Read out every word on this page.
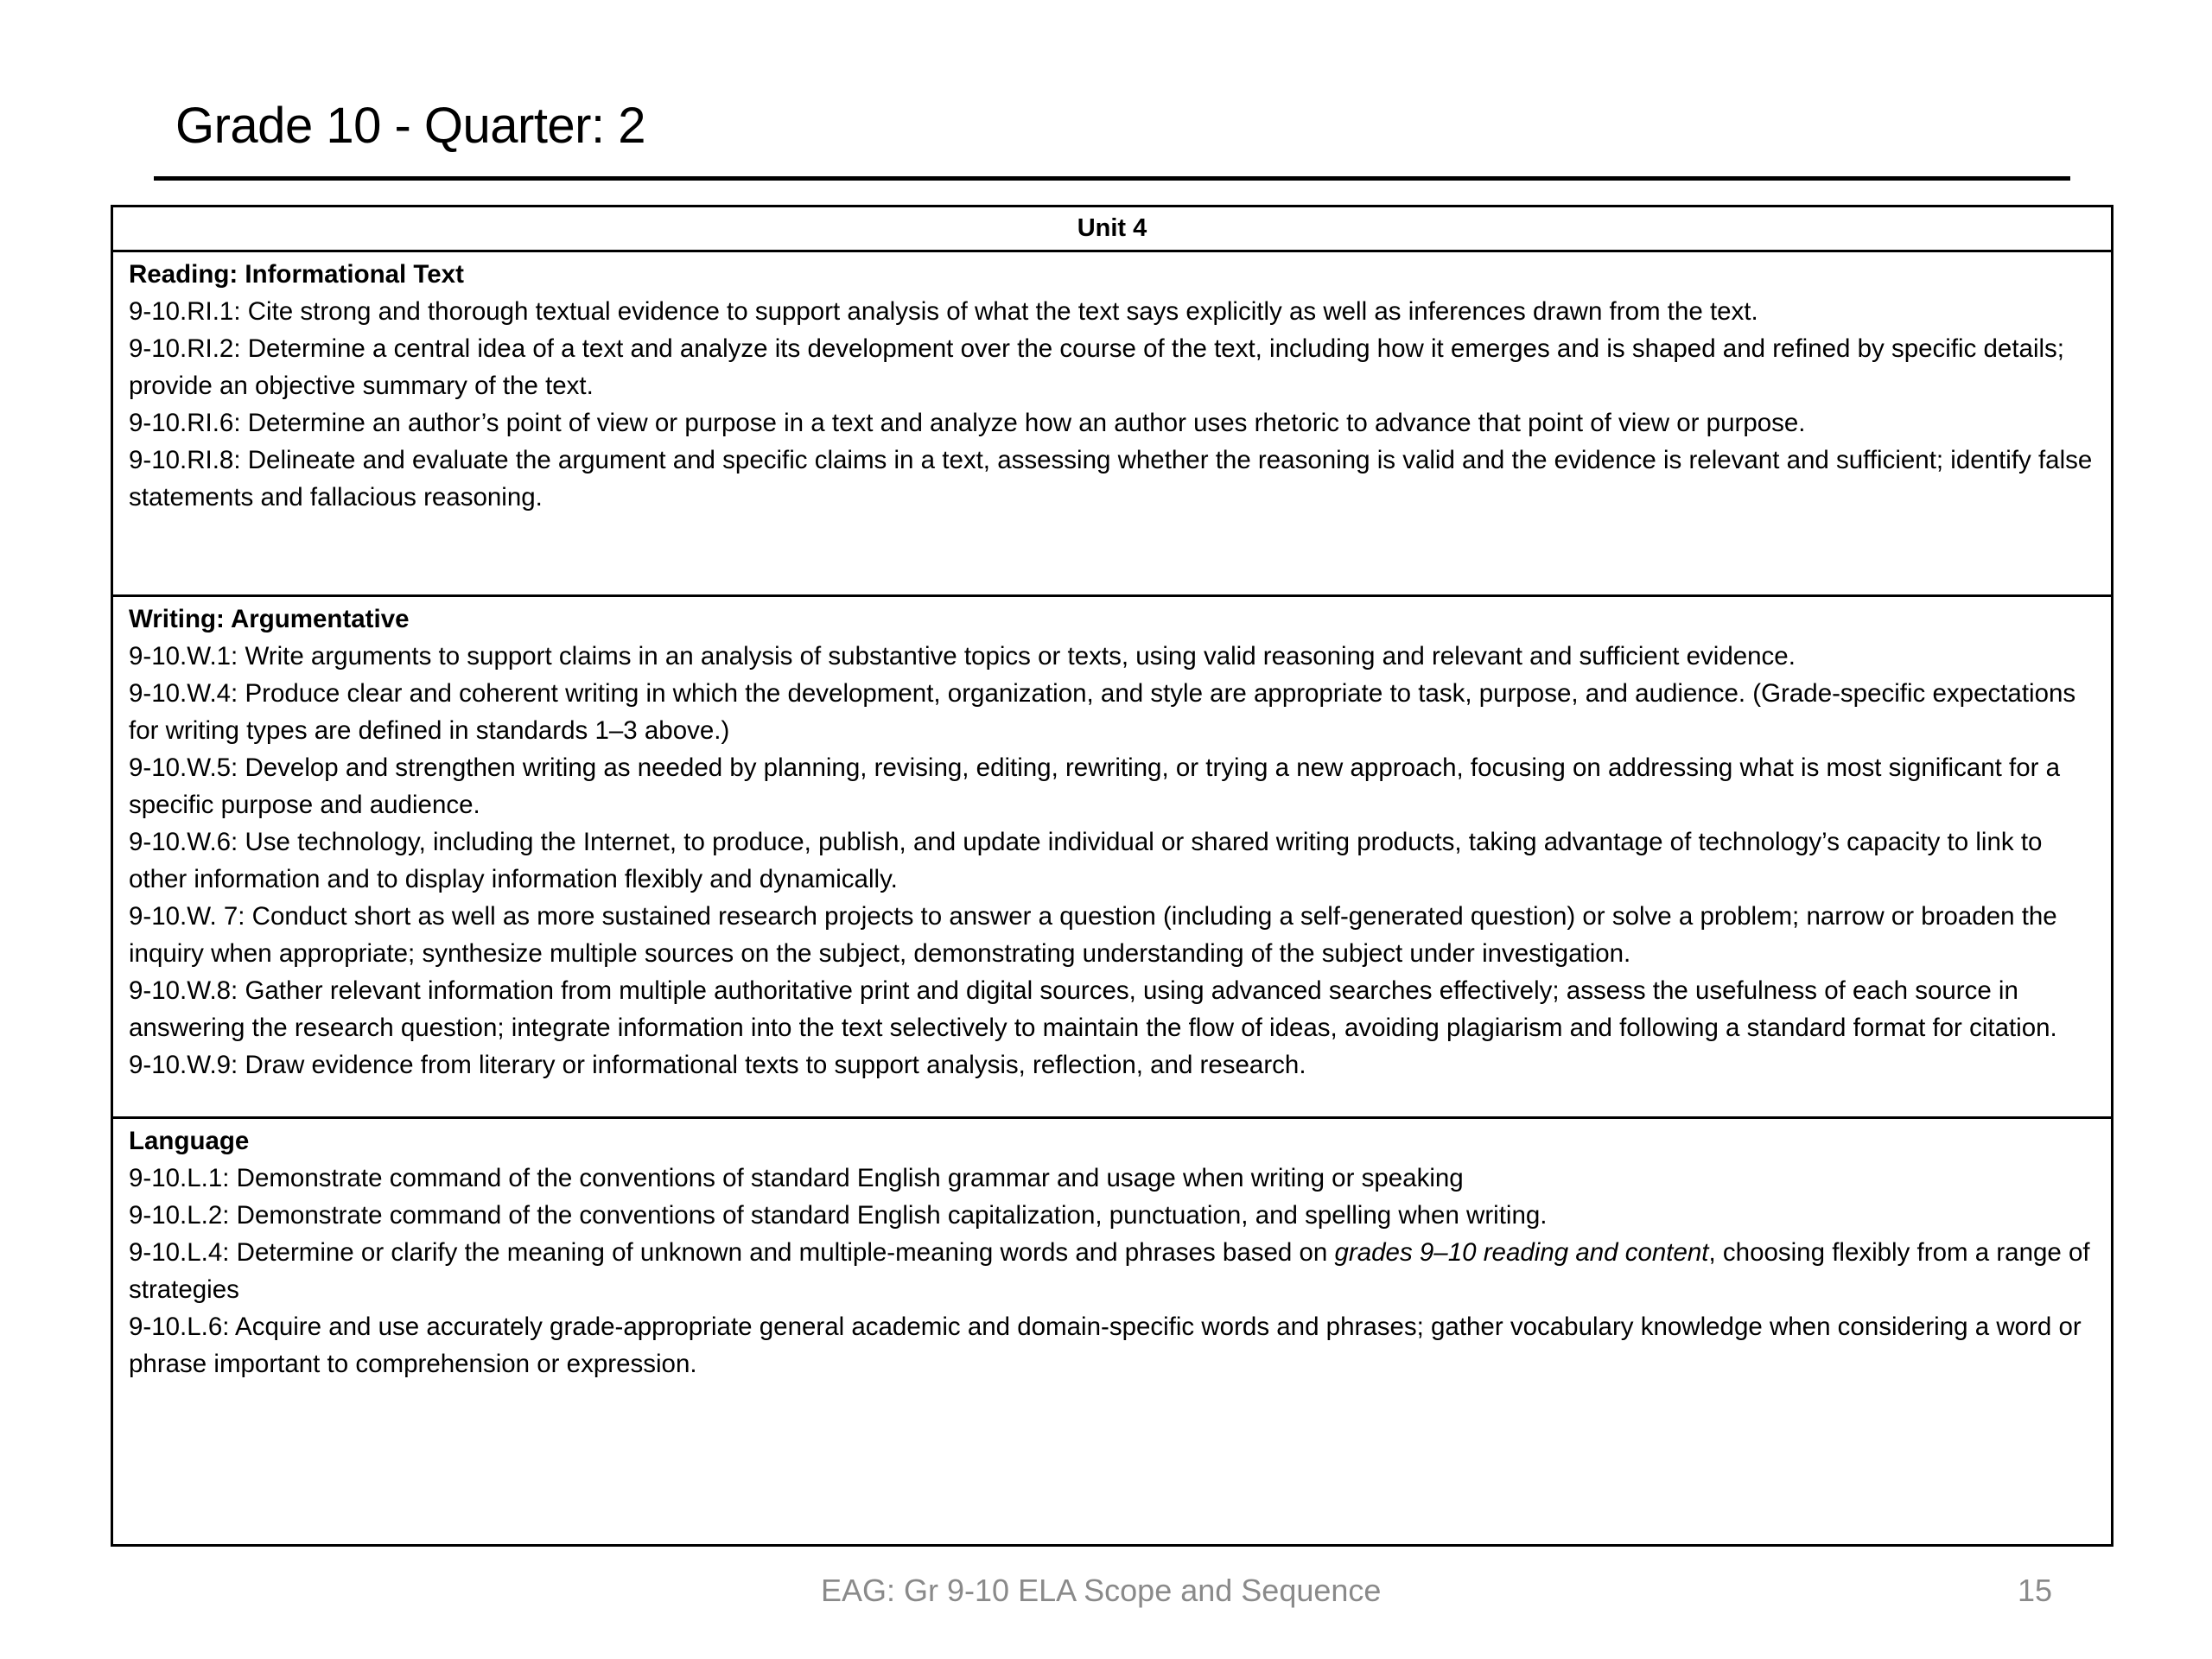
Grade 10 - Quarter: 2
Unit 4

Reading: Informational Text

9-10.RI.1: Cite strong and thorough textual evidence to support analysis of what the text says explicitly as well as inferences drawn from the text.

9-10.RI.2: Determine a central idea of a text and analyze its development over the course of the text, including how it emerges and is shaped and refined by specific details; provide an objective summary of the text.

9-10.RI.6: Determine an author’s point of view or purpose in a text and analyze how an author uses rhetoric to advance that point of view or purpose.

9-10.RI.8: Delineate and evaluate the argument and specific claims in a text, assessing whether the reasoning is valid and the evidence is relevant and sufficient; identify false statements and fallacious reasoning.

Writing: Argumentative

9-10.W.1: Write arguments to support claims in an analysis of substantive topics or texts, using valid reasoning and relevant and sufficient evidence.

9-10.W.4: Produce clear and coherent writing in which the development, organization, and style are appropriate to task, purpose, and audience. (Grade-specific expectations for writing types are defined in standards 1–3 above.)

9-10.W.5: Develop and strengthen writing as needed by planning, revising, editing, rewriting, or trying a new approach, focusing on addressing what is most significant for a specific purpose and audience.

9-10.W.6: Use technology, including the Internet, to produce, publish, and update individual or shared writing products, taking advantage of technology’s capacity to link to other information and to display information flexibly and dynamically.

9-10.W. 7: Conduct short as well as more sustained research projects to answer a question (including a self-generated question) or solve a problem; narrow or broaden the inquiry when appropriate; synthesize multiple sources on the subject, demonstrating understanding of the subject under investigation.

9-10.W.8: Gather relevant information from multiple authoritative print and digital sources, using advanced searches effectively; assess the usefulness of each source in answering the research question; integrate information into the text selectively to maintain the flow of ideas, avoiding plagiarism and following a standard format for citation.

9-10.W.9: Draw evidence from literary or informational texts to support analysis, reflection, and research.

Language

9-10.L.1: Demonstrate command of the conventions of standard English grammar and usage when writing or speaking

9-10.L.2: Demonstrate command of the conventions of standard English capitalization, punctuation, and spelling when writing.

9-10.L.4: Determine or clarify the meaning of unknown and multiple-meaning words and phrases based on grades 9–10 reading and content, choosing flexibly from a range of strategies

9-10.L.6: Acquire and use accurately grade-appropriate general academic and domain-specific words and phrases; gather vocabulary knowledge when considering a word or phrase important to comprehension or expression.

EAG: Gr 9-10 ELA Scope and Sequence	15
